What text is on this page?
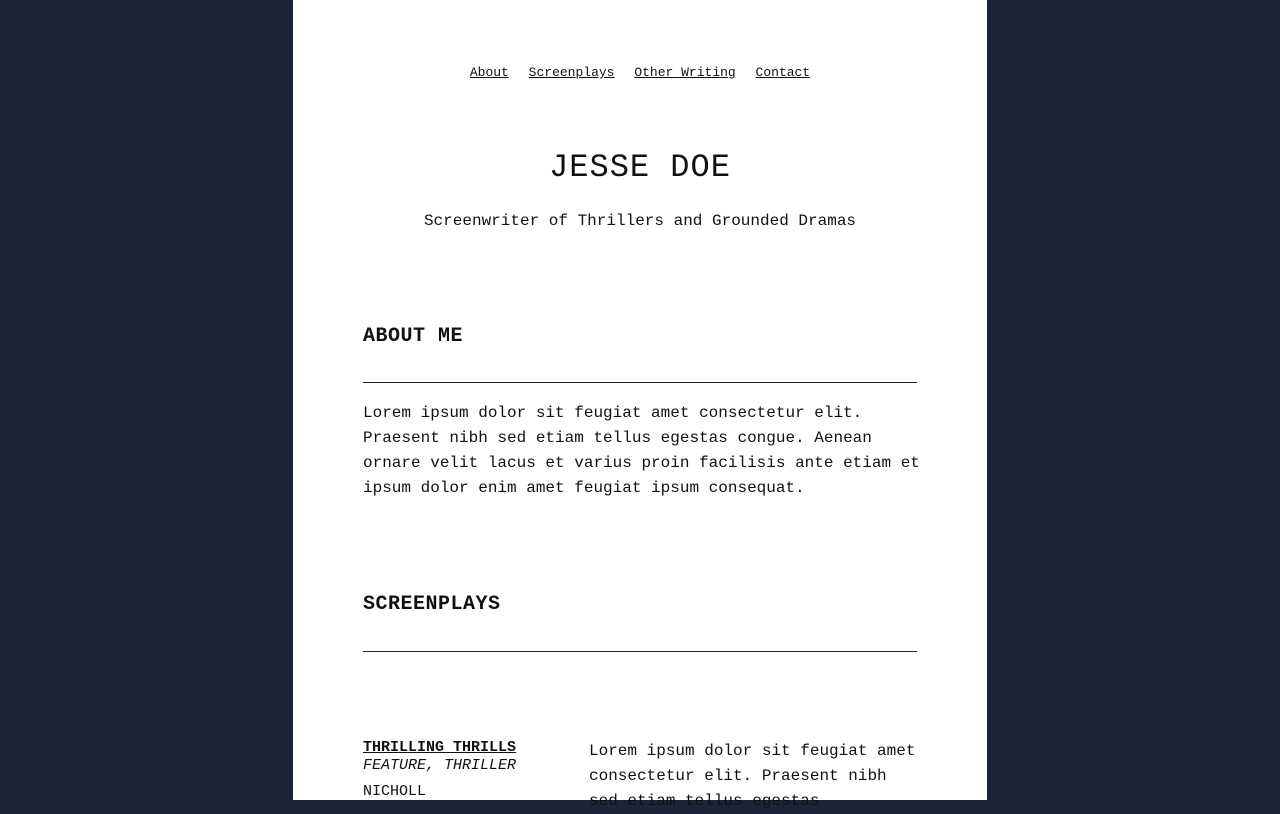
About Screenplays Other Writing Contact
JESSE DOE

Screenwriter of Thrillers and Grounded Dramas

ABOUT ME

Lorem ipsum dolor sit feugiat amet consectetur elit. Praesent nibh sed etiam tellus egestas congue. Aenean ornare velit lacus et varius proin facilisis ante etiam et ipsum dolor enim amet feugiat ipsum consequat.

SCREENPLAYS
THRILLING THRILLS
FEATURE, THRILLER
NICHOLL

Lorem ipsum dolor sit feugiat amet consectetur elit. Praesent nibh sed etiam tellus egestas
